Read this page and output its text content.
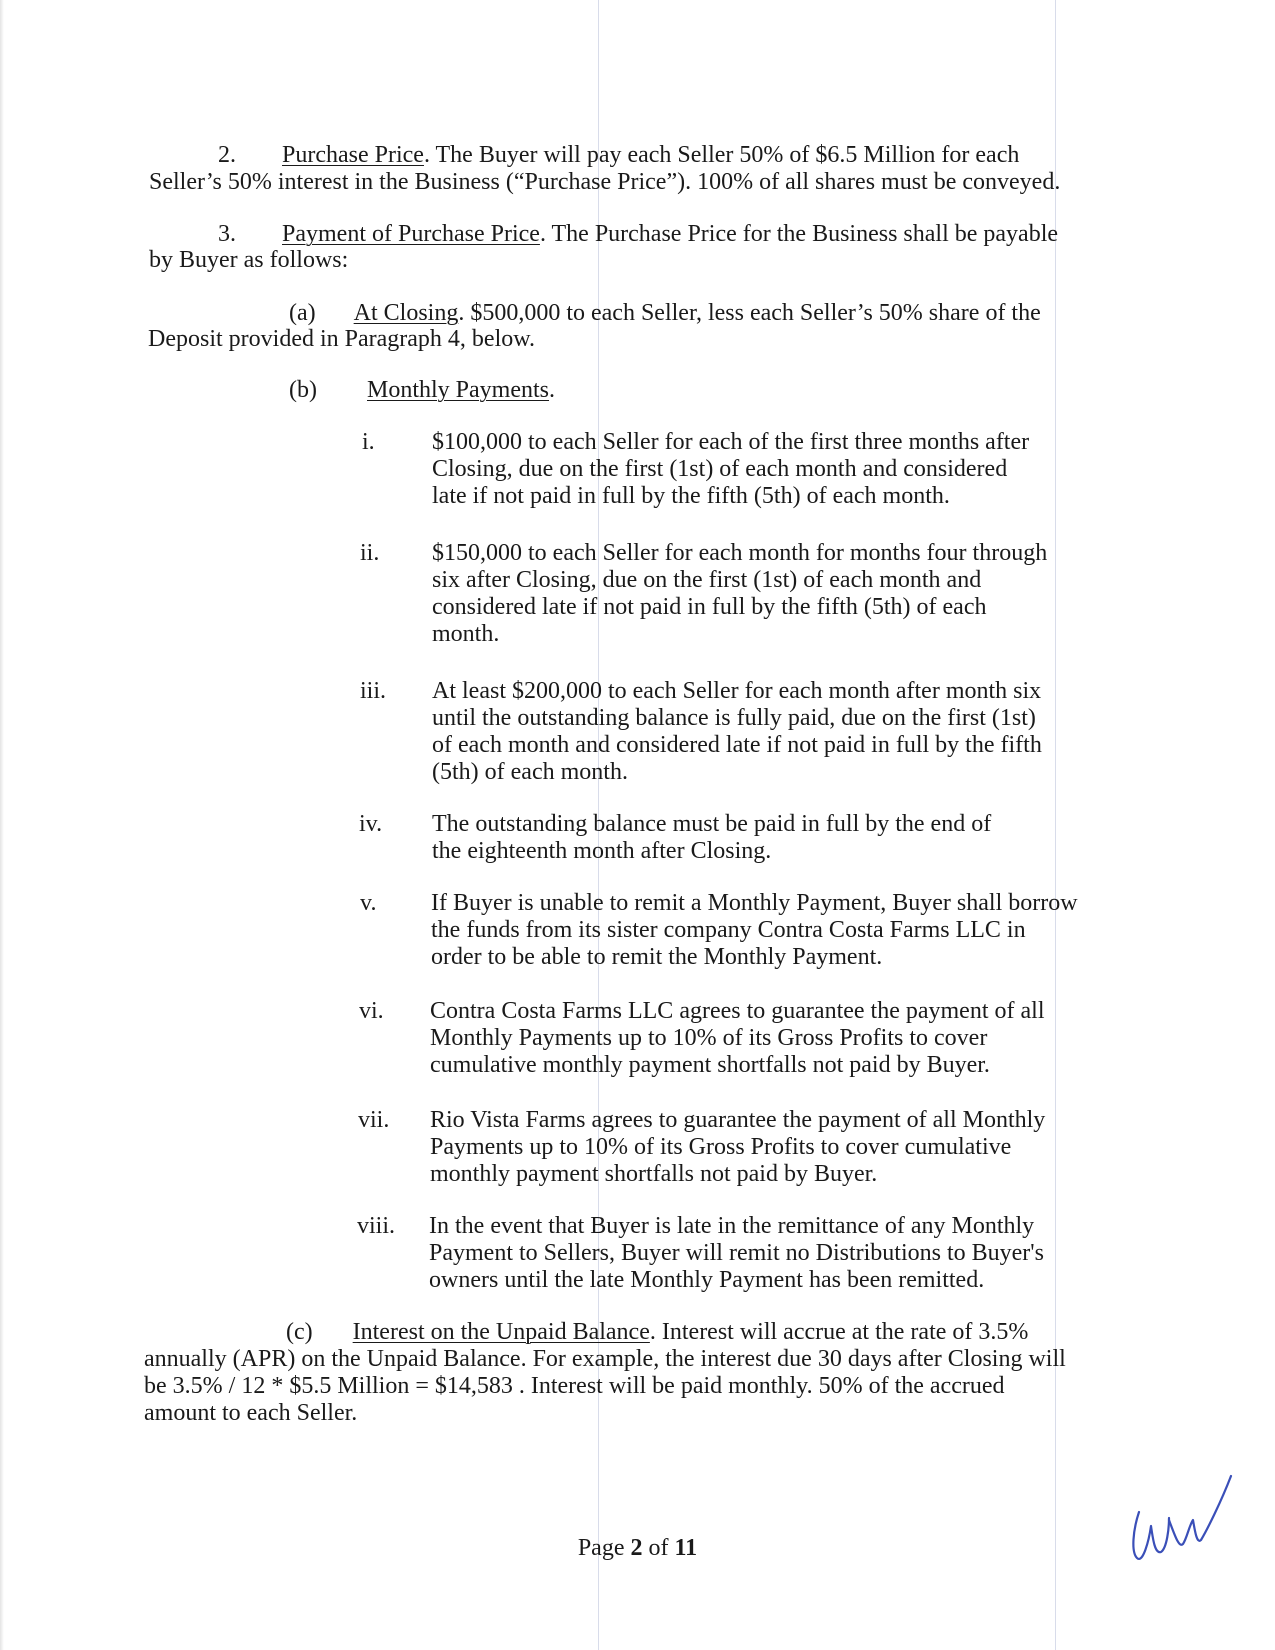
2. Purchase Price. The Buyer will pay each Seller 50% of $6.5 Million for each
Seller’s 50% interest in the Business (“Purchase Price”). 100% of all shares must be conveyed.
3. Payment of Purchase Price. The Purchase Price for the Business shall be payable
by Buyer as follows:
(a) At Closing. $500,000 to each Seller, less each Seller’s 50% share of the
Deposit provided in Paragraph 4, below.
(b) Monthly Payments.
i. $100,000 to each Seller for each of the first three months after
Closing, due on the first (1st) of each month and considered
late if not paid in full by the fifth (5th) of each month.
ii. $150,000 to each Seller for each month for months four through
six after Closing, due on the first (1st) of each month and
considered late if not paid in full by the fifth (5th) of each
month.
iii. At least $200,000 to each Seller for each month after month six
until the outstanding balance is fully paid, due on the first (1st)
of each month and considered late if not paid in full by the fifth
(5th) of each month.
iv. The outstanding balance must be paid in full by the end of
the eighteenth month after Closing.
v. If Buyer is unable to remit a Monthly Payment, Buyer shall borrow
the funds from its sister company Contra Costa Farms LLC in
order to be able to remit the Monthly Payment.
vi. Contra Costa Farms LLC agrees to guarantee the payment of all
Monthly Payments up to 10% of its Gross Profits to cover
cumulative monthly payment shortfalls not paid by Buyer.
vii. Rio Vista Farms agrees to guarantee the payment of all Monthly
Payments up to 10% of its Gross Profits to cover cumulative
monthly payment shortfalls not paid by Buyer.
viii. In the event that Buyer is late in the remittance of any Monthly
Payment to Sellers, Buyer will remit no Distributions to Buyer's
owners until the late Monthly Payment has been remitted.
(c) Interest on the Unpaid Balance. Interest will accrue at the rate of 3.5%
annually (APR) on the Unpaid Balance. For example, the interest due 30 days after Closing will
be 3.5% / 12 * $5.5 Million = $14,583 . Interest will be paid monthly. 50% of the accrued
amount to each Seller.
Page 2 of 11
